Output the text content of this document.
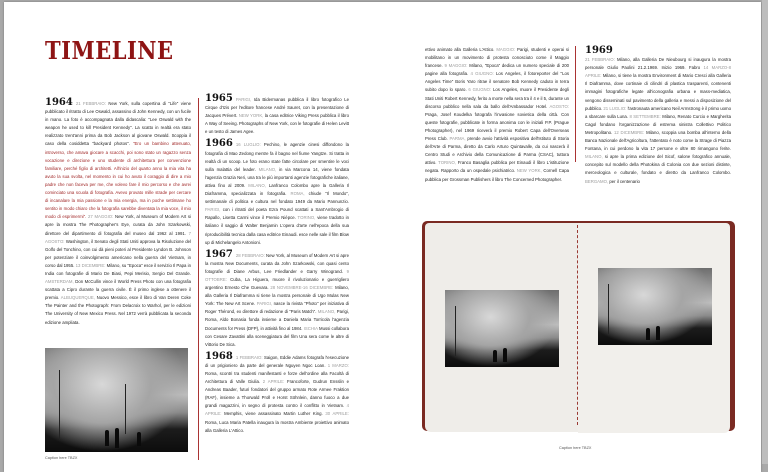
TIMELINE
1964 21 FEBBRAIO: New York, sulla copertina di "Life" viene pubblicato il ritratto di Lee Oswald, assassino di John Kennedy, con un fucile in mano. La foto è accompagnata dalla didascalia: "Lee Oswald with the weapon he used to kill President Kennedy". La scatto in realtà era stato realizzato trent'anni prima da Bob Jackson al giovane Oswald. Scoppia il caso della cosiddetta "backyard photos". "Ero un bambino attenuato, introverso, che amava giocare a scacchi, poi sono stato un ragazzo senza vocazione e direzione e uno studente di architettura per convenzione familiare, perché figlio di architetti. All'inizio del quarto anno la mia vita ha avuto la sua svolta, nel momento in cui ho avuto il coraggio di dire a mio padre che non faceva per me, che volevo fare il mio percorso e che avrei cominciato una scuola di fotografia. Avevo provato mille strade per cercare di incanalare la mia passione e la mia energia, ma in poche settimane ho sentito in modo chiaro che la fotografia sarebbe diventata la mia voce, il mio modo di esprimermi". 27 MAGGIO: New York, al Museum of Modern Art si apre la mostra The Photographer's Eye, curata da John Szarkowski, direttore del dipartimento di fotografia del museo dal 1962 al 1991. 7 AGOSTO: Washington, il Senato degli Stati Uniti approva la Risoluzione del Golfo del Tonchino, con cui dà pieni poteri al Presidente Lyndon B. Johnson per potenziare il coinvolgimento americano nella guerra del Vietnam, in corso dal 1955. 13 DICEMBRE: Milano, su "Epoca" esce il servizio Il Papa in India con fotografie di Mario De Biasi, Pepi Merisio, Sergio Del Grande. AMSTERDAM, Don McCullin vince il World Press Photo con una fotografia scattata a Cipro durante la guerra civile. È il primo inglese a ottenere il premio. ALBUQUERQUE, Nuovo Messico, esce il libro di Van Deren Coke The Painter and the Photograph: From Delacroix to Warhol, per le edizioni The University of New Mexico Press. Nel 1972 verrà pubblicata la seconda edizione ampliata.
1965 PARIGI, Ida Bidermanas pubblica il libro fotografico Le Cirque d'Izis per l'editore francese André Sauret, con la presentazione di Jacques Prévert. NEW YORK, la casa editrice Viking Press pubblica il libro A Way of Seeing. Photographs of New York, con le fotografie di Helen Levitt e un testo di James Agee.
1966 16 LUGLIO: Pechino, le agenzie cinesi diffondono la fotografia di Mao Zedong mentre fa il bagno nel fiume Yangtze. Si tratta in realtà di un scoop. Le foto erano state fatte circolare per smentire le voci sulla malattia del leader. MILANO, in via Marcona 14, viene fondata l'agenzia Grazia Neri, una tra le più importanti agenzie fotografiche italiane, attiva fino al 2009. MILANO, Lanfranco Colombo apre la Galleria Il Diaframma, specializzata in fotografia. ROMA, chiude "Il Mondo", settimanale di politica e cultura nel fondato 1949 da Mario Pannunzio. PARIGI, con i ritratti del poeta Ezra Pound scattati a Sant'Ambrogio di Rapallo, Lisetta Carmi vince il Premio Niépce. TORINO, viene tradotto in italiano il saggio di Walter Benjamin L'opera d'arte nell'epoca della sua riproducibilità tecnica dalla casa editrice Einaudi. esce nelle sale il film Blow up di Michelangelo Antonioni.
1967 28 FEBBRAIO: New York, al Museum of Modern Art si apre la mostra New Documents, curata da John Szarkowski, con quasi cento fotografie di Diane Arbus, Lee Friedlander e Garry Winogrand. 9 OTTOBRE: Cuba, La Higuera, muore il rivoluzionario e guerrigliero argentino Ernesto Che Guevara. 28 NOVEMBRE-16 DICEMBRE: Milano, alla Galleria Il Diaframma si tiene la mostra personale di Ugo Mulas New York: The New Art Scene. PARIGI, nasce la rivista "Photo" per iniziativa di Roger Thérond, ex direttore di redazione di "Paris Match". MILANO, Parigi, Roma, Aldo Bonasia fonda insieme a Daniela Maria Torricola l'agenzia Documents for Press (DFP), in attività fino al 1984. ISCHIA Mussi collabora con Cesare Zavattini alla sceneggiatura del film Una sera come le altre di Vittorio De Sica.
1968 1 FEBBRAIO: Saigon, Eddie Adams fotografa l'esecuzione di un prigioniero da parte del generale Nguyen Ngoc Loan. 1 MARZO: Roma, scontri tra studenti manifestanti e forze dell'ordine alla Facoltà di Architettura di Valle Giulia. 2 APRILE: Francoforte, Gudrun Ensslin e Andreas Baader, futuri fondatori del gruppo armato Rote Armee Fraktion (RAF), insieme a Thorwald Proll e Horst Söhnlein, danno fuoco a due grandi magazzini, in segno di protesta contro il conflitto in Vietnam. 4 APRILE: Memphis, viene assassinato Martin Luther King. 30 APRILE: Roma, Luca Maria Patella inaugura la mostra Ambiente proiettivo animato alla Galleria L'Attico.
ettivo animato alla Galleria L'Attico. MAGGIO: Parigi, studenti e operai si mobilitano in un movimento di protesta conosciuto come il Maggio francese. 9 MAGGIO: Milano, "Epoca" dedica un numero speciale di 200 pagine alla fotografia. 4 GIUGNO: Los Angeles, il fotoreporter del "Los Angeles Time" Boris Yaro ritrae il senatore Bob Kennedy caduto in terra subito dopo lo sparo. 6 GIUGNO: Los Angeles, muore il Presidente degli Stati Uniti Robert Kennedy, ferito a morte nella sera tra il 4 e il 5, durante un discorso pubblico nella sala da ballo dell'Ambassador Hotel. AGOSTO: Praga, Josef Koudelka fotografa l'invasione sovietica della città. Con queste fotografie, pubblicate in forma anonima con le iniziali P.P. (Prague Photographer), nel 1969 riceverà il premio Robert Capa dell'Overseas Press Club. PARMA, prende avvio l'attività espositiva dell'Istituto di Storia dell'Arte di Parma, diretto da Carlo Arturo Quintavalle, da cui nascerà il Centro Studi e Archivio della Comunicazione di Parma (CSAC), tuttora attivo. TORINO, Franco Basaglia pubblica per Einaudi il libro L'istituzione negata. Rapporto da un ospedale psichiatrico. NEW YORK, Cornell Capa pubblica per Grossman Publishers il libro The Concerned Photographer.
1969
21 FEBBRAIO: Milano, alla Galleria De Nieubourg si inaugura la mostra personale Giulio Paolini 21.2.1969. Inizio 1969. Fabro 14 MARZO-8 APRILE: Milano, si tiene la mostra Environment di Mario Cresci alla Galleria Il Diaframma, dove cortinaie di cilindri di plastica trasparenti, contenenti immagini fotografiche legate all'iconografia urbana e mass-mediatica, vengono disseminati sul pavimento della galleria e messi a disposizione del pubblico. 21 LUGLIO: l'astronauta americano Neil Armstrong è il primo uomo a sbarcare sulla Luna. 8 SETTEMBRE: Milano, Renato Curcio e Margherita Cagol fondano l'organizzazione di estrema sinistra Collettivo Politico Metropolitano. 12 DICEMBRE: Milano, scoppia una bomba all'interno della Banca Nazionale dell'Agricoltura, l'attentato è noto come la Strage di Piazza Fontana, in cui perdono la vita 17 persone e oltre 80 rimangono ferite. MILANO, si apre la prima edizione del Sicof, salone fotografico annuale, concepito sul modello della Photokina di Colonia con due sezioni distinte, merceologica e culturale, fondato e diretto da Lanfranco Colombo. BERGAMO, per il centenario
Caption here TBZX
Caption here TBZX
